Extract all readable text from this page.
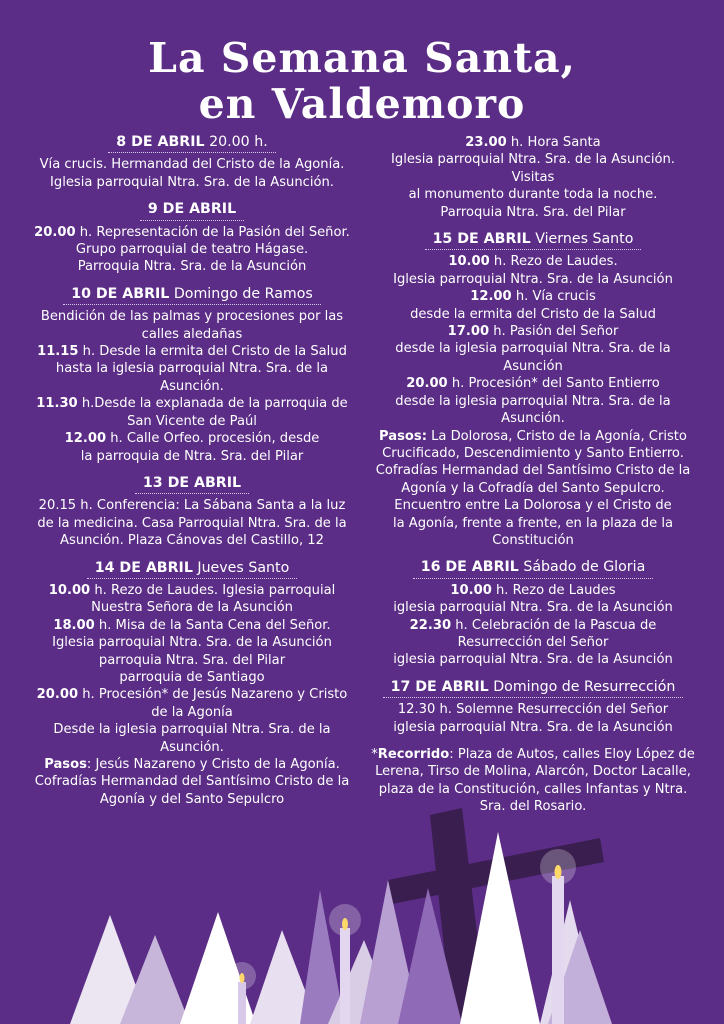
La Semana Santa,
en Valdemoro
8 DE ABRIL 20.00 h.
Vía crucis. Hermandad del Cristo de la Agonía.
Iglesia parroquial Ntra. Sra. de la Asunción.
9 DE ABRIL
20.00 h. Representación de la Pasión del Señor.
Grupo parroquial de teatro Hágase.
Parroquia Ntra. Sra. de la Asunción
10 DE ABRIL Domingo de Ramos
Bendición de las palmas y procesiones por las
calles aledañas
11.15 h. Desde la ermita del Cristo de la Salud
hasta la iglesia parroquial Ntra. Sra. de la
Asunción.
11.30 h.Desde la explanada de la parroquia de
San Vicente de Paúl
12.00 h. Calle Orfeo. procesión, desde
la parroquia de Ntra. Sra. del Pilar
13 DE ABRIL
20.15 h. Conferencia: La Sábana Santa a la luz
de la medicina. Casa Parroquial Ntra. Sra. de la
Asunción. Plaza Cánovas del Castillo, 12
14 DE ABRIL Jueves Santo
10.00 h. Rezo de Laudes. Iglesia parroquial
Nuestra Señora de la Asunción
18.00 h. Misa de la Santa Cena del Señor.
Iglesia parroquial Ntra. Sra. de la Asunción
parroquia Ntra. Sra. del Pilar
parroquia de Santiago
20.00 h. Procesión* de Jesús Nazareno y Cristo
de la Agonía
Desde la iglesia parroquial Ntra. Sra. de la
Asunción.
Pasos: Jesús Nazareno y Cristo de la Agonía.
Cofradías Hermandad del Santísimo Cristo de la
Agonía y del Santo Sepulcro
23.00 h. Hora Santa
Iglesia parroquial Ntra. Sra. de la Asunción. Visitas
al monumento durante toda la noche.
Parroquia Ntra. Sra. del Pilar
15 DE ABRIL Viernes Santo
10.00 h. Rezo de Laudes.
Iglesia parroquial Ntra. Sra. de la Asunción
12.00 h. Vía crucis
desde la ermita del Cristo de la Salud
17.00 h. Pasión del Señor
desde la iglesia parroquial Ntra. Sra. de la
Asunción
20.00 h. Procesión* del Santo Entierro
desde la iglesia parroquial Ntra. Sra. de la
Asunción.
Pasos: La Dolorosa, Cristo de la Agonía, Cristo
Crucificado, Descendimiento y Santo Entierro.
Cofradías Hermandad del Santísimo Cristo de la
Agonía y la Cofradía del Santo Sepulcro.
Encuentro entre La Dolorosa y el Cristo de
la Agonía, frente a frente, en la plaza de la
Constitución
16 DE ABRIL Sábado de Gloria
10.00 h. Rezo de Laudes
iglesia parroquial Ntra. Sra. de la Asunción
22.30 h. Celebración de la Pascua de
Resurrección del Señor
iglesia parroquial Ntra. Sra. de la Asunción
17 DE ABRIL Domingo de Resurrección
12.30 h. Solemne Resurrección del Señor
iglesia parroquial Ntra. Sra. de la Asunción
*Recorrido: Plaza de Autos, calles Eloy López de
Lerena, Tirso de Molina, Alarcón, Doctor Lacalle,
plaza de la Constitución, calles Infantas y Ntra.
Sra. del Rosario.
